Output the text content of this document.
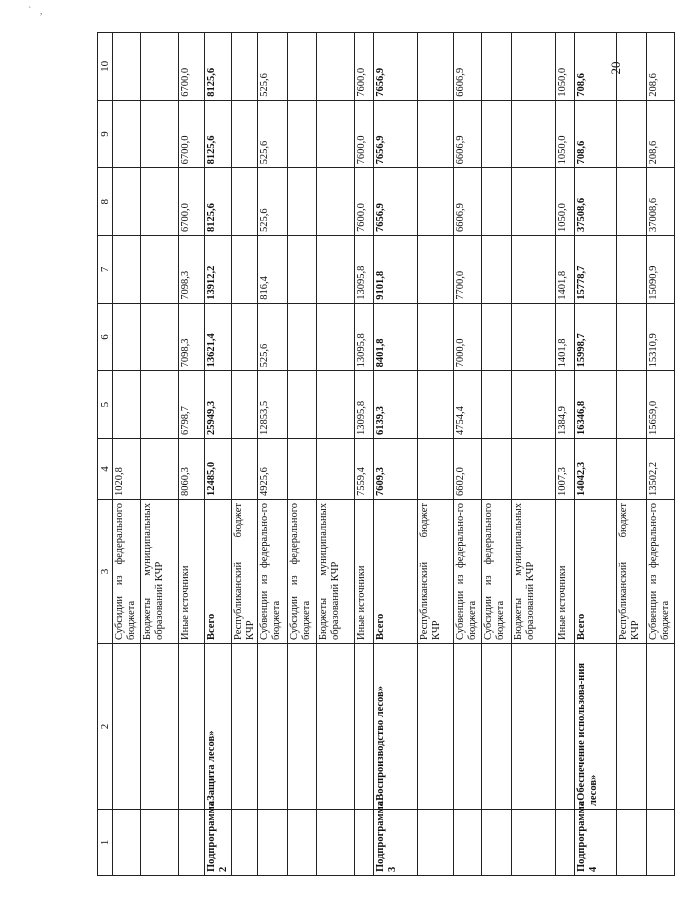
` ,
20
1	2	3	4	5	6	7	8	9	10
		Субсидии из федерального бюджета	1020,8						
		Бюджеты муниципальных образований КЧР							
		Иные источники	8060,3	6798,7	7098,3	7098,3	6700,0	6700,0	6700,0
Подпрограмма 2	«Защита лесов»	Всего	12485,0	25949,3	13621,4	13912,2	8125,6	8125,6	8125,6
		Республиканский бюджет КЧР							
		Субвенции из федерально-го бюджета	4925,6	12853,5	525,6	816,4	525,6	525,6	525,6
		Субсидии из федерального бюджета							
		Бюджеты муниципальных образований КЧР							
		Иные источники	7559,4	13095,8	13095,8	13095,8	7600,0	7600,0	7600,0
Подпрограмма 3	«Воспроизводство лесов»	Всего	7609,3	6139,3	8401,8	9101,8	7656,9	7656,9	7656,9
		Республиканский бюджет КЧР							
		Субвенции из федерально-го бюджета	6602,0	4754,4	7000,0	7700,0	6606,9	6606,9	6606,9
		Субсидии из федерального бюджета							
		Бюджеты муниципальных образований КЧР							
		Иные источники	1007,3	1384,9	1401,8	1401,8	1050,0	1050,0	1050,0
Подпрограмма 4	«Обеспечение использова-ния лесов»	Всего	14042,3	16346,8	15998,7	15778,7	37508,6	708,6	708,6
		Республиканский бюджет КЧР							
		Субвенции из федерально-го бюджета	13502,2	15659,0	15310,9	15090,9	37008,6	208,6	208,6
